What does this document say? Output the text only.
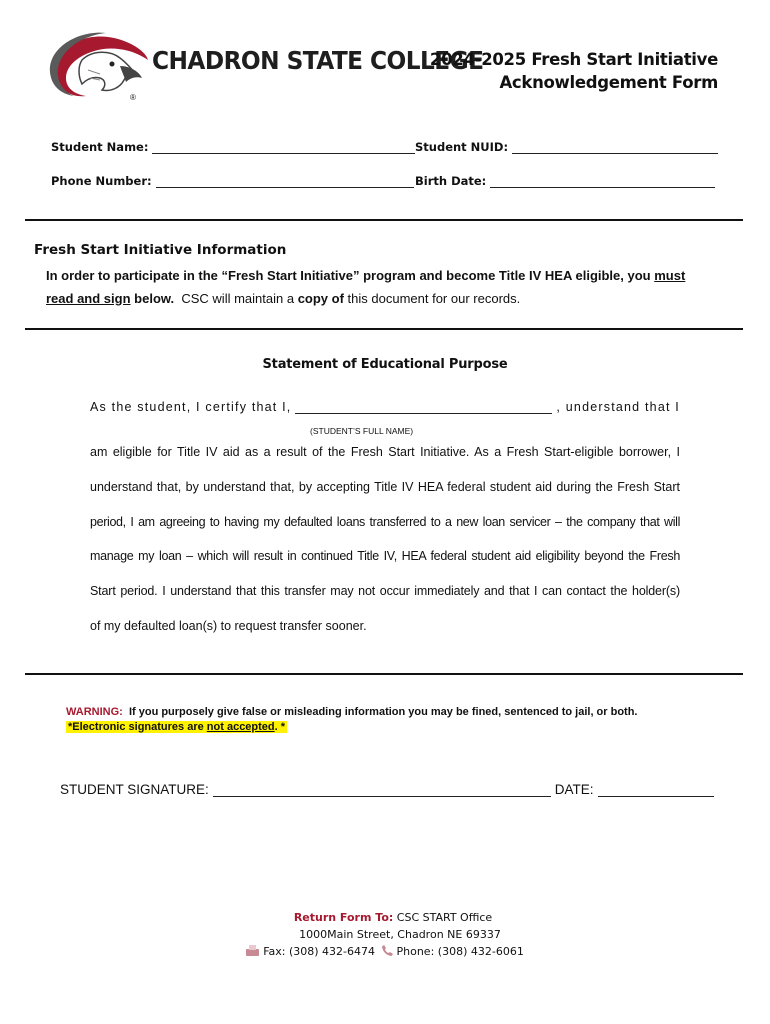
®
CHADRON STATE COLLEGE
2024-2025 Fresh Start Initiative
Acknowledgement Form
Student Name:	Student NUID:
Phone Number:	Birth Date:
Fresh Start Initiative Information
In order to participate in the “Fresh Start Initiative” program and become Title IV HEA eligible, you must
read and sign below. CSC will maintain a copy of this document for our records.
Statement of Educational Purpose
As the student, I certify that I,	, understand that I
(STUDENT’S FULL NAME)
am eligible for Title IV aid as a result of the Fresh Start Initiative. As a Fresh Start-eligible borrower, I
understand that, by understand that, by accepting Title IV HEA federal student aid during the Fresh Start
period, I am agreeing to having my defaulted loans transferred to a new loan servicer – the company that will
manage my loan – which will result in continued Title IV, HEA federal student aid eligibility beyond the Fresh
Start period. I understand that this transfer may not occur immediately and that I can contact the holder(s)
of my defaulted loan(s) to request transfer sooner.
WARNING: If you purposely give false or misleading information you may be fined, sentenced to jail, or both.
*Electronic signatures are not accepted. *
STUDENT SIGNATURE:	DATE:
Return Form To: CSC START Office
1000Main Street, Chadron NE 69337
Fax: (308) 432-6474 Phone: (308) 432-6061
